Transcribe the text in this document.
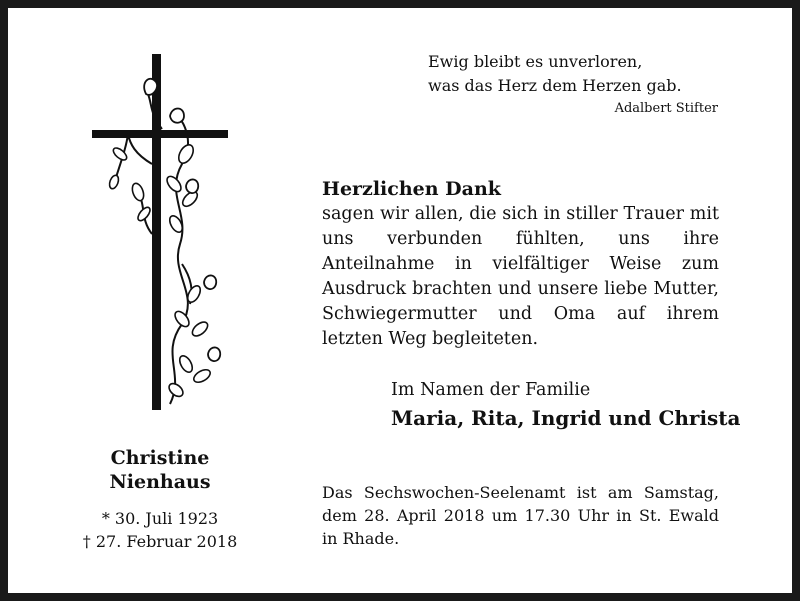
Ewig bleibt es unverloren,
was das Herz dem Herzen gab.
Adalbert Stifter
Christine
Nienhaus
* 30. Juli 1923
† 27. Februar 2018
Herzlichen Dank
sagen wir allen, die sich in stiller Trauer mit uns verbunden fühlten, uns ihre Anteilnahme in vielfältiger Weise zum Ausdruck brachten und unsere liebe Mutter, Schwiegermutter und Oma auf ihrem letzten Weg begleiteten.
Im Namen der Familie
Maria, Rita, Ingrid und Christa
Das Sechswochen-Seelenamt ist am Samstag, dem 28. April 2018 um 17.30 Uhr in St. Ewald in Rhade.
